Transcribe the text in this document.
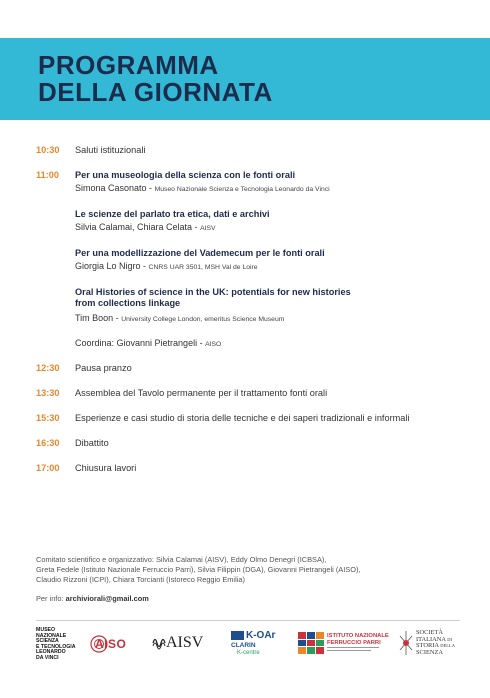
PROGRAMMA
DELLA GIORNATA
10:30 Saluti istituzionali
11:00 Per una museologia della scienza con le fonti orali
Simona Casonato - Museo Nazionale Scienza e Tecnologia Leonardo da Vinci
Le scienze del parlato tra etica, dati e archivi
Silvia Calamai, Chiara Celata - AISV
Per una modellizzazione del Vademecum per le fonti orali
Giorgia Lo Nigro - CNRS UAR 3501, MSH Val de Loire
Oral Histories of science in the UK: potentials for new histories
from collections linkage
Tim Boon - University College London, emeritus Science Museum
Coordina: Giovanni Pietrangeli - AISO
12:30 Pausa pranzo
13:30 Assemblea del Tavolo permanente per il trattamento fonti orali
15:30 Esperienze e casi studio di storia delle tecniche e dei saperi tradizionali e informali
16:30 Dibattito
17:00 Chiusura lavori
Comitato scientifico e organizzativo: Silvia Calamai (AISV), Eddy Olmo Denegri (ICBSA),
Greta Fedele (Istituto Nazionale Ferruccio Parri), Silvia Filippin (DGA), Giovanni Pietrangeli (AISO),
Claudio Rizzoni (ICPI), Chiara Torcianti (Istoreco Reggio Emilia)
Per info: archiviorali@gmail.com
MUSEO
NAZIONALE
SCIENZA
E TECNOLOGIA
LEONARDO
DA VINCI
AISO AISV	K-OAr
CLARIN
K-centre
ISTITUTO NAZIONALE
FERRUCCIO PARRI
SOCIETÀ
ITALIANA DI
STORIA DELLA
SCIENZA
